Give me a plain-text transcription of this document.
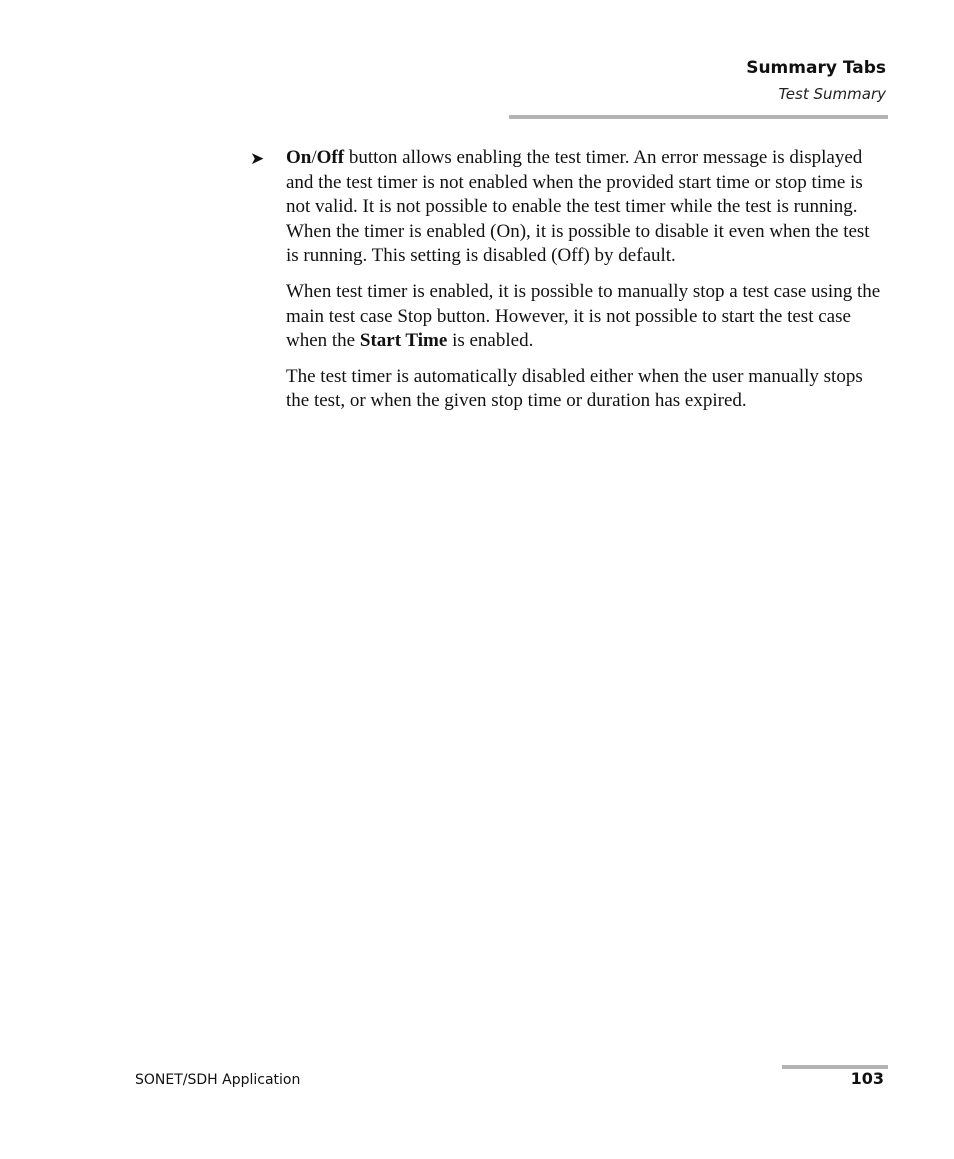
Summary Tabs
Test Summary
➤ On/Off button allows enabling the test timer. An error message is displayed and the test timer is not enabled when the provided start time or stop time is not valid. It is not possible to enable the test timer while the test is running. When the timer is enabled (On), it is possible to disable it even when the test is running. This setting is disabled (Off) by default.

When test timer is enabled, it is possible to manually stop a test case using the main test case Stop button. However, it is not possible to start the test case when the Start Time is enabled.

The test timer is automatically disabled either when the user manually stops the test, or when the given stop time or duration has expired.

SONET/SDH Application	103
